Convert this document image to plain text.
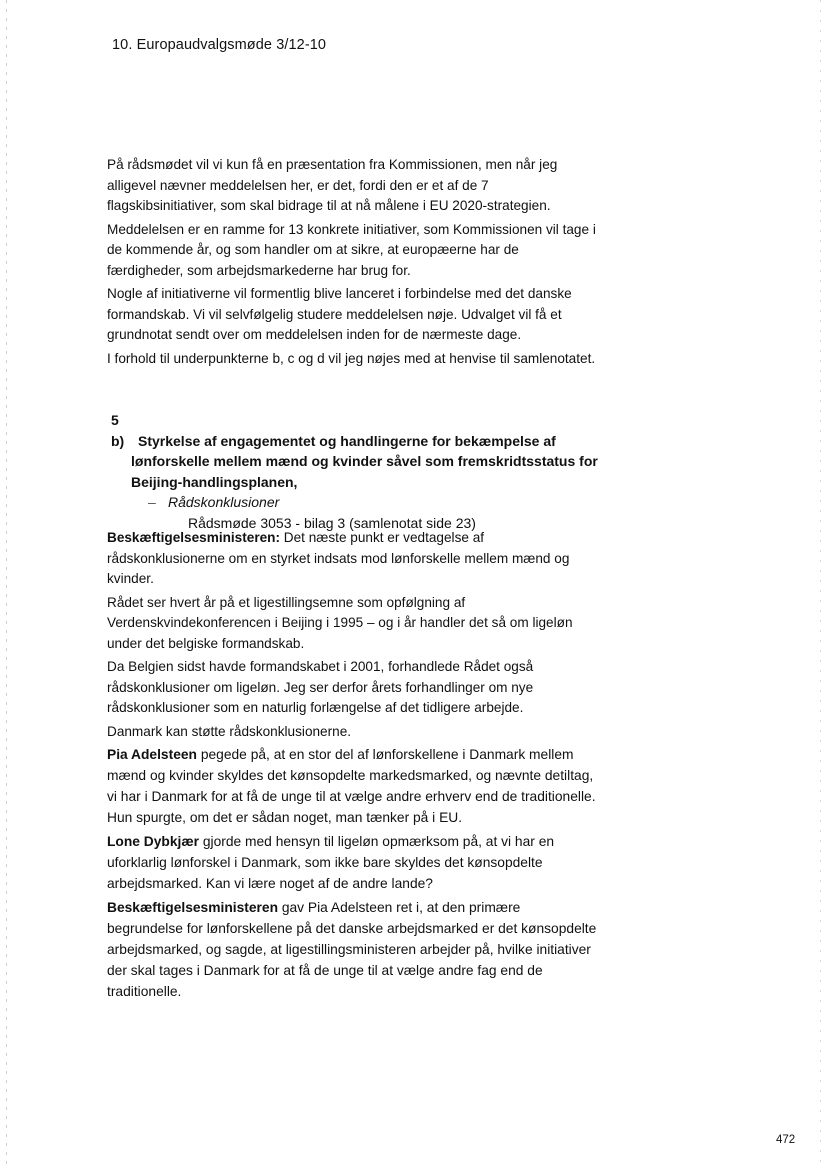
10. Europaudvalgsmøde 3/12-10

På rådsmødet vil vi kun få en præsentation fra Kommissionen, men når jeg alligevel nævner meddelelsen her, er det, fordi den er et af de 7 flagskibsinitiativer, som skal bidrage til at nå målene i EU 2020-strategien.

Meddelelsen er en ramme for 13 konkrete initiativer, som Kommissionen vil tage i de kommende år, og som handler om at sikre, at europæerne har de færdigheder, som arbejdsmarkederne har brug for.

Nogle af initiativerne vil formentlig blive lanceret i forbindelse med det danske formandskab. Vi vil selvfølgelig studere meddelelsen nøje. Udvalget vil få et grundnotat sendt over om meddelelsen inden for de nærmeste dage.

I forhold til underpunkterne b, c og d vil jeg nøjes med at henvise til samlenotatet.

5 b) Styrkelse af engagementet og handlingerne for bekæmpelse af lønforskelle mellem mænd og kvinder såvel som fremskridtsstatus for Beijing-handlingsplanen,
– Rådskonklusioner
Rådsmøde 3053 - bilag 3 (samlenotat side 23)

Beskæftigelsesministeren: Det næste punkt er vedtagelse af rådskonklusionerne om en styrket indsats mod lønforskelle mellem mænd og kvinder.

Rådet ser hvert år på et ligestillingsemne som opfølgning af Verdenskvindekonferencen i Beijing i 1995 – og i år handler det så om ligeløn under det belgiske formandskab.

Da Belgien sidst havde formandskabet i 2001, forhandlede Rådet også rådskonklusioner om ligeløn. Jeg ser derfor årets forhandlinger om nye rådskonklusioner som en naturlig forlængelse af det tidligere arbejde.

Danmark kan støtte rådskonklusionerne.

Pia Adelsteen pegede på, at en stor del af lønforskellene i Danmark mellem mænd og kvinder skyldes det kønsopdelte markedsmarked, og nævnte detiltag, vi har i Danmark for at få de unge til at vælge andre erhverv end de traditionelle. Hun spurgte, om det er sådan noget, man tænker på i EU.

Lone Dybkjær gjorde med hensyn til ligeløn opmærksom på, at vi har en uforklarlig lønforskel i Danmark, som ikke bare skyldes det kønsopdelte arbejdsmarked. Kan vi lære noget af de andre lande?

Beskæftigelsesministeren gav Pia Adelsteen ret i, at den primære begrundelse for lønforskellene på det danske arbejdsmarked er det kønsopdelte arbejdsmarked, og sagde, at ligestillingsministeren arbejder på, hvilke initiativer der skal tages i Danmark for at få de unge til at vælge andre fag end de traditionelle.

472
